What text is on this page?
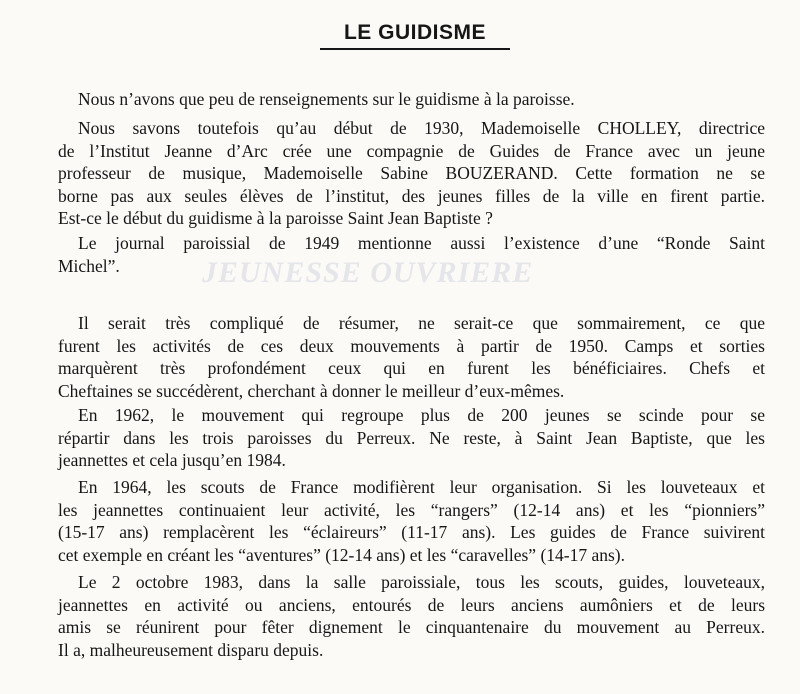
JEUNESSE OUVRIERE
LE GUIDISME

Nous n’avons que peu de renseignements sur le guidisme à la paroisse.

Nous savons toutefois qu’au début de 1930, Mademoiselle CHOLLEY, directrice
de l’Institut Jeanne d’Arc crée une compagnie de Guides de France avec un jeune
professeur de musique, Mademoiselle Sabine BOUZERAND. Cette formation ne se
borne pas aux seules élèves de l’institut, des jeunes filles de la ville en firent partie.
Est-ce le début du guidisme à la paroisse Saint Jean Baptiste ?

Le journal paroissial de 1949 mentionne aussi l’existence d’une “Ronde Saint
Michel”.

Il serait très compliqué de résumer, ne serait-ce que sommairement, ce que
furent les activités de ces deux mouvements à partir de 1950. Camps et sorties
marquèrent très profondément ceux qui en furent les bénéficiaires. Chefs et
Cheftaines se succédèrent, cherchant à donner le meilleur d’eux-mêmes.

En 1962, le mouvement qui regroupe plus de 200 jeunes se scinde pour se
répartir dans les trois paroisses du Perreux. Ne reste, à Saint Jean Baptiste, que les
jeannettes et cela jusqu’en 1984.

En 1964, les scouts de France modifièrent leur organisation. Si les louveteaux et
les jeannettes continuaient leur activité, les “rangers” (12-14 ans) et les “pionniers”
(15-17 ans) remplacèrent les “éclaireurs” (11-17 ans). Les guides de France suivirent
cet exemple en créant les “aventures” (12-14 ans) et les “caravelles” (14-17 ans).

Le 2 octobre 1983, dans la salle paroissiale, tous les scouts, guides, louveteaux,
jeannettes en activité ou anciens, entourés de leurs anciens aumôniers et de leurs
amis se réunirent pour fêter dignement le cinquantenaire du mouvement au Perreux.
Il a, malheureusement disparu depuis.
